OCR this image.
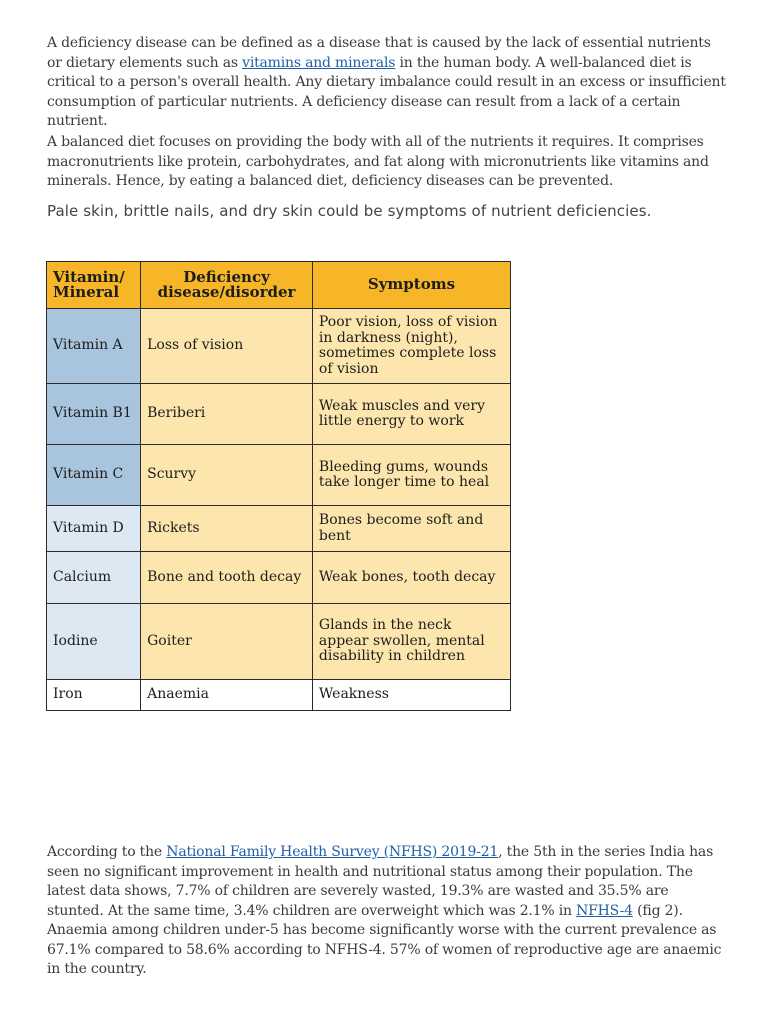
A deficiency disease can be defined as a disease that is caused by the lack of essential nutrients or dietary elements such as vitamins and minerals in the human body. A well-balanced diet is critical to a person's overall health. Any dietary imbalance could result in an excess or insufficient consumption of particular nutrients. A deficiency disease can result from a lack of a certain nutrient.

A balanced diet focuses on providing the body with all of the nutrients it requires. It comprises macronutrients like protein, carbohydrates, and fat along with micronutrients like vitamins and minerals. Hence, by eating a balanced diet, deficiency diseases can be prevented.

Pale skin, brittle nails, and dry skin could be symptoms of nutrient deficiencies.

Vitamin/ Mineral	Deficiency disease/disorder	Symptoms
Vitamin A	Loss of vision	Poor vision, loss of vision in darkness (night), sometimes complete loss of vision
Vitamin B1	Beriberi	Weak muscles and very little energy to work
Vitamin C	Scurvy	Bleeding gums, wounds take longer time to heal
Vitamin D	Rickets	Bones become soft and bent
Calcium	Bone and tooth decay	Weak bones, tooth decay
Iodine	Goiter	Glands in the neck appear swollen, mental disability in children
Iron	Anaemia	Weakness

According to the National Family Health Survey (NFHS) 2019-21, the 5th in the series India has seen no significant improvement in health and nutritional status among their population. The latest data shows, 7.7% of children are severely wasted, 19.3% are wasted and 35.5% are stunted. At the same time, 3.4% children are overweight which was 2.1% in NFHS-4 (fig 2). Anaemia among children under-5 has become significantly worse with the current prevalence as 67.1% compared to 58.6% according to NFHS-4. 57% of women of reproductive age are anaemic in the country.
